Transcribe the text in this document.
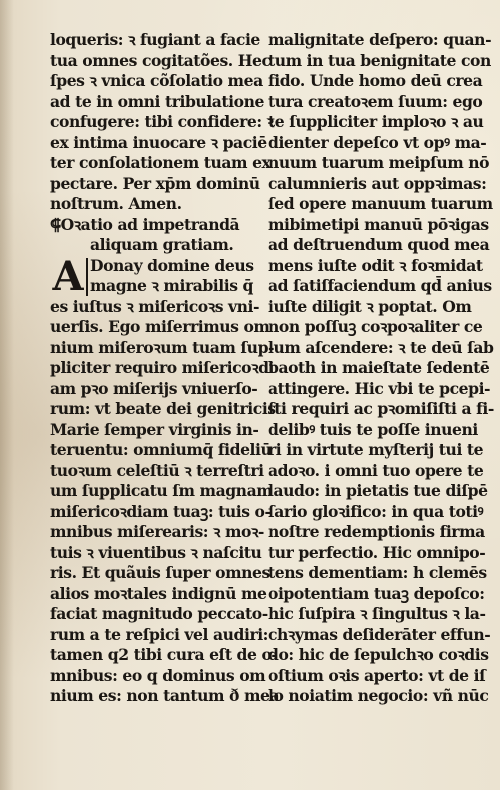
loqueris: ꝛ fugiant a facie
tua omnes cogitatões. Hec
ſpes ꝛ vnica cõſolatio mea
ad te in omni tribulatione
confugere: tibi confidere: ꝛ
ex intima inuocare ꝛ paciē
ter conſolationem tuam ex
pectare. Per xp̄m dominū
noſtrum. Amen.
⸿Oꝛatio ad impetrandā
aliquam gratiam.
Donay domine deus
magne ꝛ mirabilis q̄
es iuſtus ꝛ miſericoꝛs vni-
uerſis. Ego miſerrimus om
nium miſeroꝛum tuam ſup-
pliciter requiro miſericoꝛdi
am pꝛo miſerijs vniuerſo-
rum: vt beate dei genitricis
Marie ſemper virginis in-
teruentu: omniumq̄ fideliū
tuoꝛum celeſtiū ꝛ terreſtri
um ſupplicatu ſm magnam
miſericoꝛdiam tuaꝫ: tuis o-
mnibus miſerearis: ꝛ moꝛ-
tuis ꝛ viuentibus ꝛ naſcitu
ris. Et quãuis ſuper omnes
alios moꝛtales indignū me
faciat magnitudo peccato-
rum a te reſpici vel audiri:
tamen q2 tibi cura eſt de o-
mnibus: eo q dominus om
nium es: non tantum ð mea
A
malignitate deſpero: quan-
tum in tua benignitate con
fido. Unde homo deū crea
tura creatoꝛem ſuum: ego
te ſuppliciter imploꝛo ꝛ au
dienter depeſco vt opꝰ ma-
nuum tuarum meipſum nō
calumnieris aut oppꝛimas:
ſed opere manuum tuarum
mibimetipi manuū pōꝛigas
ad deſtruendum quod mea
mens iuſte odit ꝛ foꝛmidat
ad ſatiſfaciendum qd̄ anius
iuſte diligit ꝛ poptat. Om
non poſſuꝫ coꝛpoꝛaliter ce
lum aſcendere: ꝛ te deū ſab
baoth in maieſtate ſedentē
attingere. Hic vbi te pcepi-
ſti requiri ac pꝛomiſiſti a fi-
delibꝰ tuis te poſſe inueni
ri in virtute myſterij tui te
adoꝛo. i omni tuo opere te
laudo: in pietatis tue diſpē
ſario gloꝛifico: in qua totiꝰ
noſtre redemptionis firma
tur perfectio. Hic omnipo-
tens dementiam: h clemēs
oipotentiam tuaꝫ depoſco:
hic ſuſpira ꝛ ſingultus ꝛ la-
chꝛymas deſiderāter effun-
do: hic de ſepulchꝛo coꝛdis
oſtium oꝛis aperto: vt de iſ
lo noiatim negocio: vñ nūc
